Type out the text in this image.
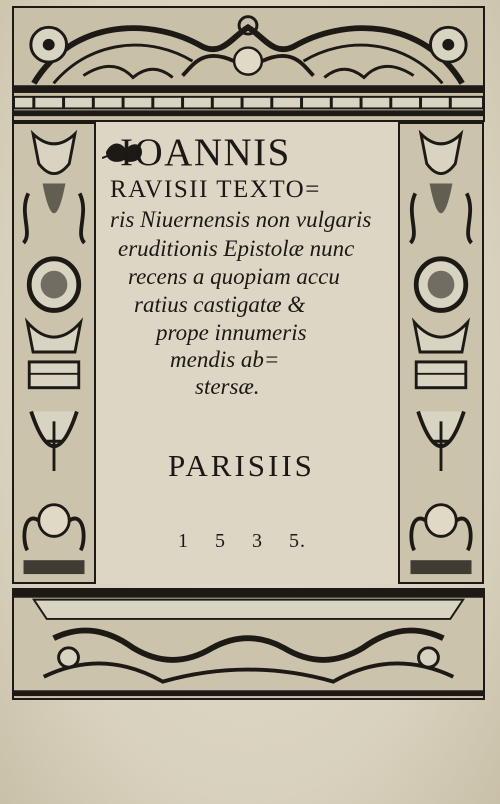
IOANNIS
RAVISII TEXTO=
ris Niuernensis non vulgaris
eruditionis Epistolæ nunc
recens a quopiam accu
ratius castigatæ &
prope innumeris
mendis ab=
stersæ.
PARISIIS
1 5 3 5.
